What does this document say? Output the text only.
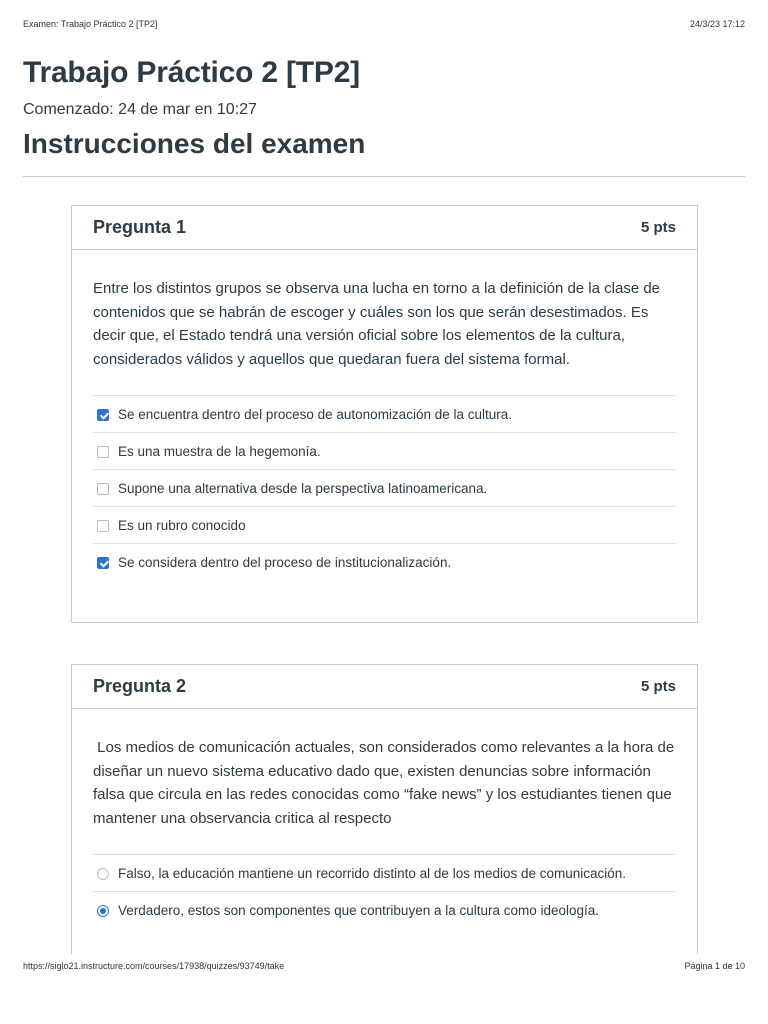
Examen: Trabajo Práctico 2 [TP2]	24/3/23 17:12
Trabajo Práctico 2 [TP2]
Comenzado: 24 de mar en 10:27
Instrucciones del examen
Pregunta 1	5 pts
Entre los distintos grupos se observa una lucha en torno a la definición de la clase de contenidos que se habrán de escoger y cuáles son los que serán desestimados. Es decir que, el Estado tendrá una versión oficial sobre los elementos de la cultura, considerados válidos y aquellos que quedaran fuera del sistema formal.
Se encuentra dentro del proceso de autonomización de la cultura.
Es una muestra de la hegemonía.
Supone una alternativa desde la perspectiva latinoamericana.
Es un rubro conocido
Se considera dentro del proceso de institucionalización.
Pregunta 2	5 pts
Los medios de comunicación actuales, son considerados como relevantes a la hora de diseñar un nuevo sistema educativo dado que, existen denuncias sobre información falsa que circula en las redes conocidas como “fake news” y los estudiantes tienen que mantener una observancia critica al respecto
Falso, la educación mantiene un recorrido distinto al de los medios de comunicación.
Verdadero, estos son componentes que contribuyen a la cultura como ideología.
https://siglo21.instructure.com/courses/17938/quizzes/93749/take	Página 1 de 10
